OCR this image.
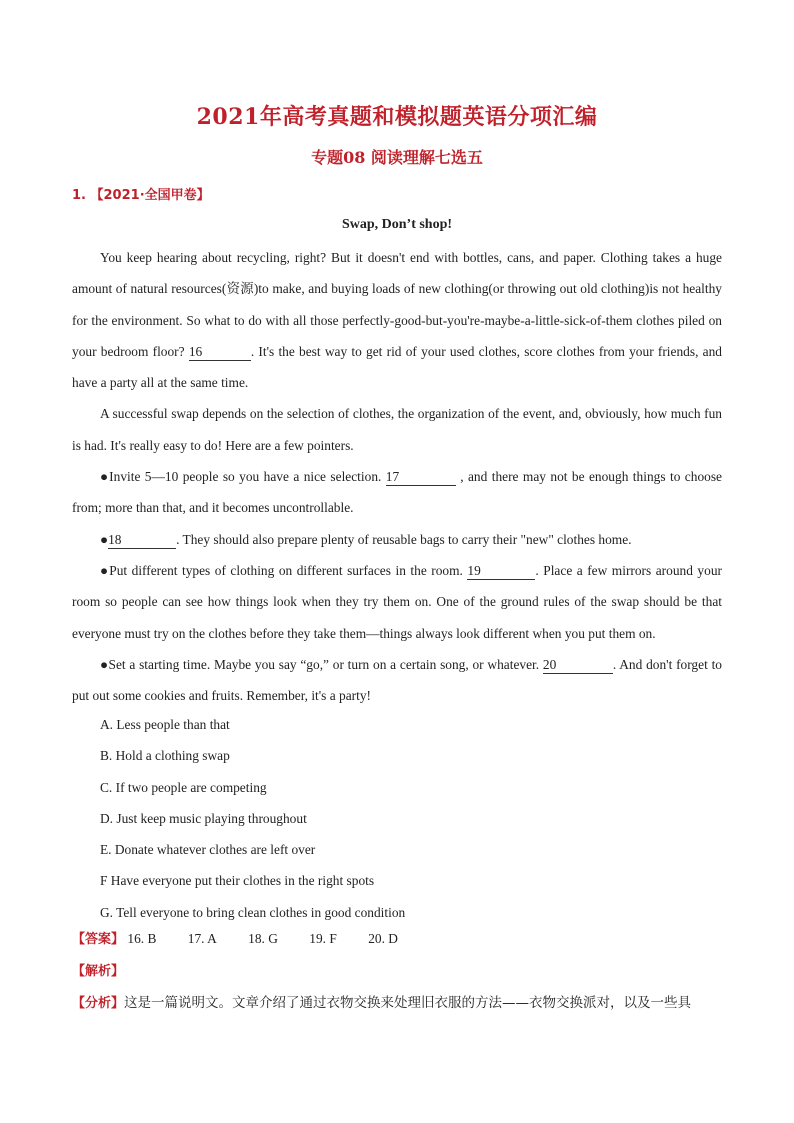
2021年高考真题和模拟题英语分项汇编
专题08 阅读理解七选五
1. 【2021·全国甲卷】
Swap, Don’t shop!

You keep hearing about recycling, right? But it doesn't end with bottles, cans, and paper. Clothing takes a huge amount of natural resources(资源)to make, and buying loads of new clothing(or throwing out old clothing)is not healthy for the environment. So what to do with all those perfectly-good-but-you're-maybe-a-little-sick-of-them clothes piled on your bedroom floor? 16	. It's the best way to get rid of your used clothes, score clothes from your friends, and have a party all at the same time.

A successful swap depends on the selection of clothes, the organization of the event, and, obviously, how much fun is had. It's really easy to do! Here are a few pointers.

●Invite 5—10 people so you have a nice selection. 17	, and there may not be enough things to choose from; more than that, and it becomes uncontrollable.

●18	. They should also prepare plenty of reusable bags to carry their "new" clothes home.

●Put different types of clothing on different surfaces in the room. 19	. Place a few mirrors around your room so people can see how things look when they try them on. One of the ground rules of the swap should be that everyone must try on the clothes before they take them—things always look different when you put them on.

●Set a starting time. Maybe you say “go,” or turn on a certain song, or whatever. 20	. And don't forget to put out some cookies and fruits. Remember, it's a party!

A. Less people than that
B. Hold a clothing swap
C. If two people are competing
D. Just keep music playing throughout
E. Donate whatever clothes are left over
F Have everyone put their clothes in the right spots
G. Tell everyone to bring clean clothes in good condition
【答案】 16. B 17. A 18. G 19. F 20. D
【解析】
【分析】这是一篇说明文。文章介绍了通过衣物交换来处理旧衣服的方法——衣物交换派对，以及一些具
